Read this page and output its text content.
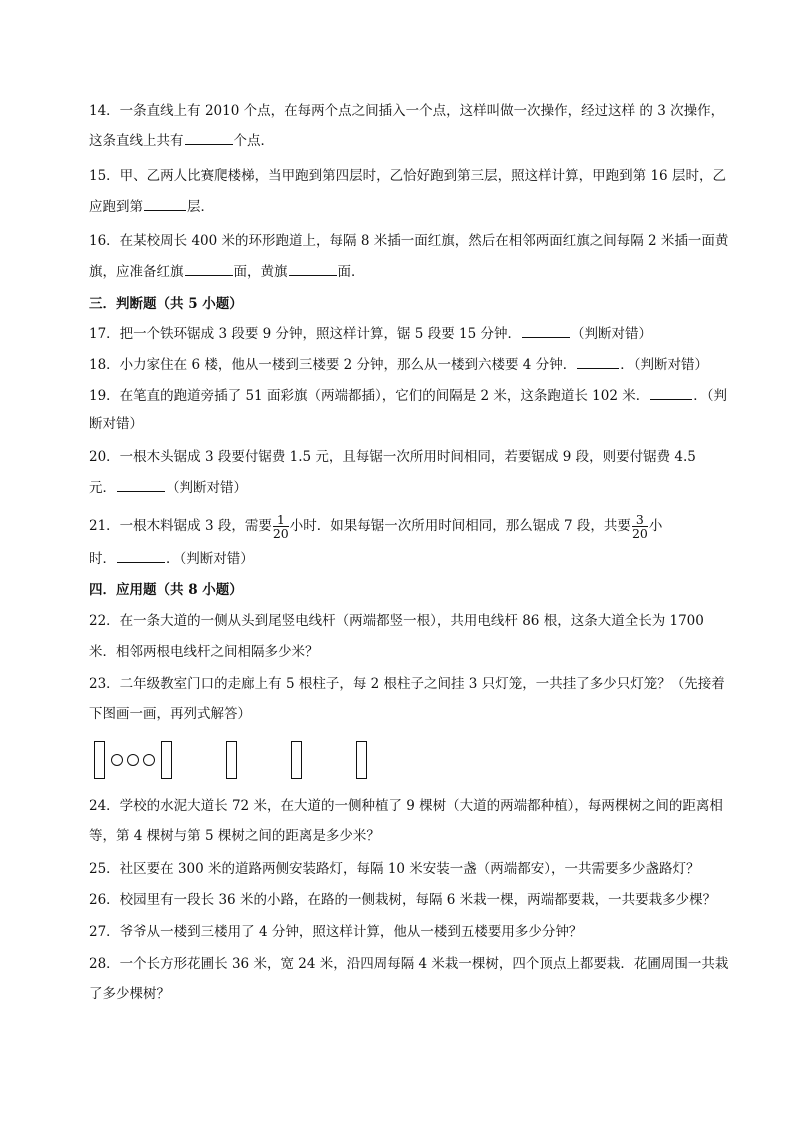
14．一条直线上有 2010 个点，在每两个点之间插入一个点，这样叫做一次操作，经过这样 的 3 次操作，
这条直线上共有	个点．
15．甲、乙两人比赛爬楼梯，当甲跑到第四层时，乙恰好跑到第三层，照这样计算，甲跑到第 16 层时，乙
应跑到第	层．
16．在某校周长 400 米的环形跑道上，每隔 8 米插一面红旗，然后在相邻两面红旗之间每隔 2 米插一面黄
旗，应准备红旗	面，黄旗	面．
三．判断题（共 5 小题）
17．把一个铁环锯成 3 段要 9 分钟，照这样计算，锯 5 段要 15 分钟．	（判断对错）
18．小力家住在 6 楼，他从一楼到三楼要 2 分钟，那么从一楼到六楼要 4 分钟．	．（判断对错）
19．在笔直的跑道旁插了 51 面彩旗（两端都插），它们的间隔是 2 米，这条跑道长 102 米．	．（判
断对错）
20．一根木头锯成 3 段要付锯费 1.5 元，且每锯一次所用时间相同，若要锯成 9 段，则要付锯费 4.5
元．	（判断对错）
21．一根木料锯成 3 段，需要 $\frac{1}{20}$ 小时．如果每锯一次所用时间相同，那么锯成 7 段，共要 $\frac{3}{20}$ 小
时．	．（判断对错）
四．应用题（共 8 小题）
22．在一条大道的一侧从头到尾竖电线杆（两端都竖一根），共用电线杆 86 根，这条大道全长为 1700
米．相邻两根电线杆之间相隔多少米？
23．二年级教室门口的走廊上有 5 根柱子，每 2 根柱子之间挂 3 只灯笼，一共挂了多少只灯笼？（先接着
下图画一画，再列式解答）
24．学校的水泥大道长 72 米，在大道的一侧种植了 9 棵树（大道的两端都种植），每两棵树之间的距离相
等，第 4 棵树与第 5 棵树之间的距离是多少米？
25．社区要在 300 米的道路两侧安装路灯，每隔 10 米安装一盏（两端都安），一共需要多少盏路灯？
26．校园里有一段长 36 米的小路，在路的一侧栽树，每隔 6 米栽一棵，两端都要栽，一共要栽多少棵？
27．爷爷从一楼到三楼用了 4 分钟，照这样计算，他从一楼到五楼要用多少分钟？
28．一个长方形花圃长 36 米，宽 24 米，沿四周每隔 4 米栽一棵树，四个顶点上都要栽．花圃周围一共栽
了多少棵树？
